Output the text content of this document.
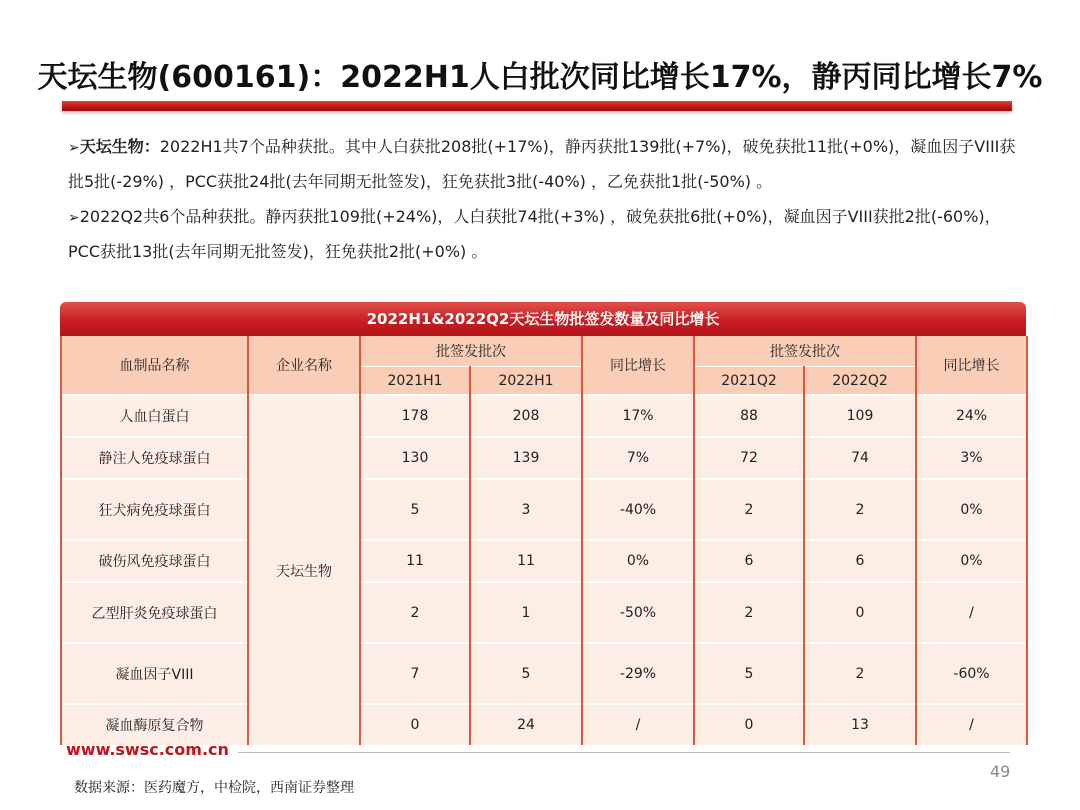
天坛生物(600161)：2022H1人白批次同比增长17%，静丙同比增长7%
➢天坛生物：2022H1共7个品种获批。其中人白获批208批(+17%)，静丙获批139批(+7%)，破免获批11批(+0%)，凝血因子VIII获批5批(-29%) ，PCC获批24批(去年同期无批签发)，狂免获批3批(-40%) ，乙免获批1批(-50%) 。
➢2022Q2共6个品种获批。静丙获批109批(+24%)，人白获批74批(+3%) ，破免获批6批(+0%)，凝血因子VIII获批2批(-60%)，PCC获批13批(去年同期无批签发)，狂免获批2批(+0%) 。
2022H1&2022Q2天坛生物批签发数量及同比增长
血制品名称	企业名称	批签发批次		同比增长	批签发批次		同比增长
		2021H1	2022H1		2021Q2	2022Q2	
人血白蛋白	天坛生物	178	208	17%	88	109	24%
静注人免疫球蛋白		130	139	7%	72	74	3%
狂犬病免疫球蛋白		5	3	-40%	2	2	0%
破伤风免疫球蛋白		11	11	0%	6	6	0%
乙型肝炎免疫球蛋白		2	1	-50%	2	0	/
凝血因子VIII		7	5	-29%	5	2	-60%
凝血酶原复合物		0	24	/	0	13	/
www.swsc.com.cn
49
数据来源：医药魔方，中检院，西南证券整理
